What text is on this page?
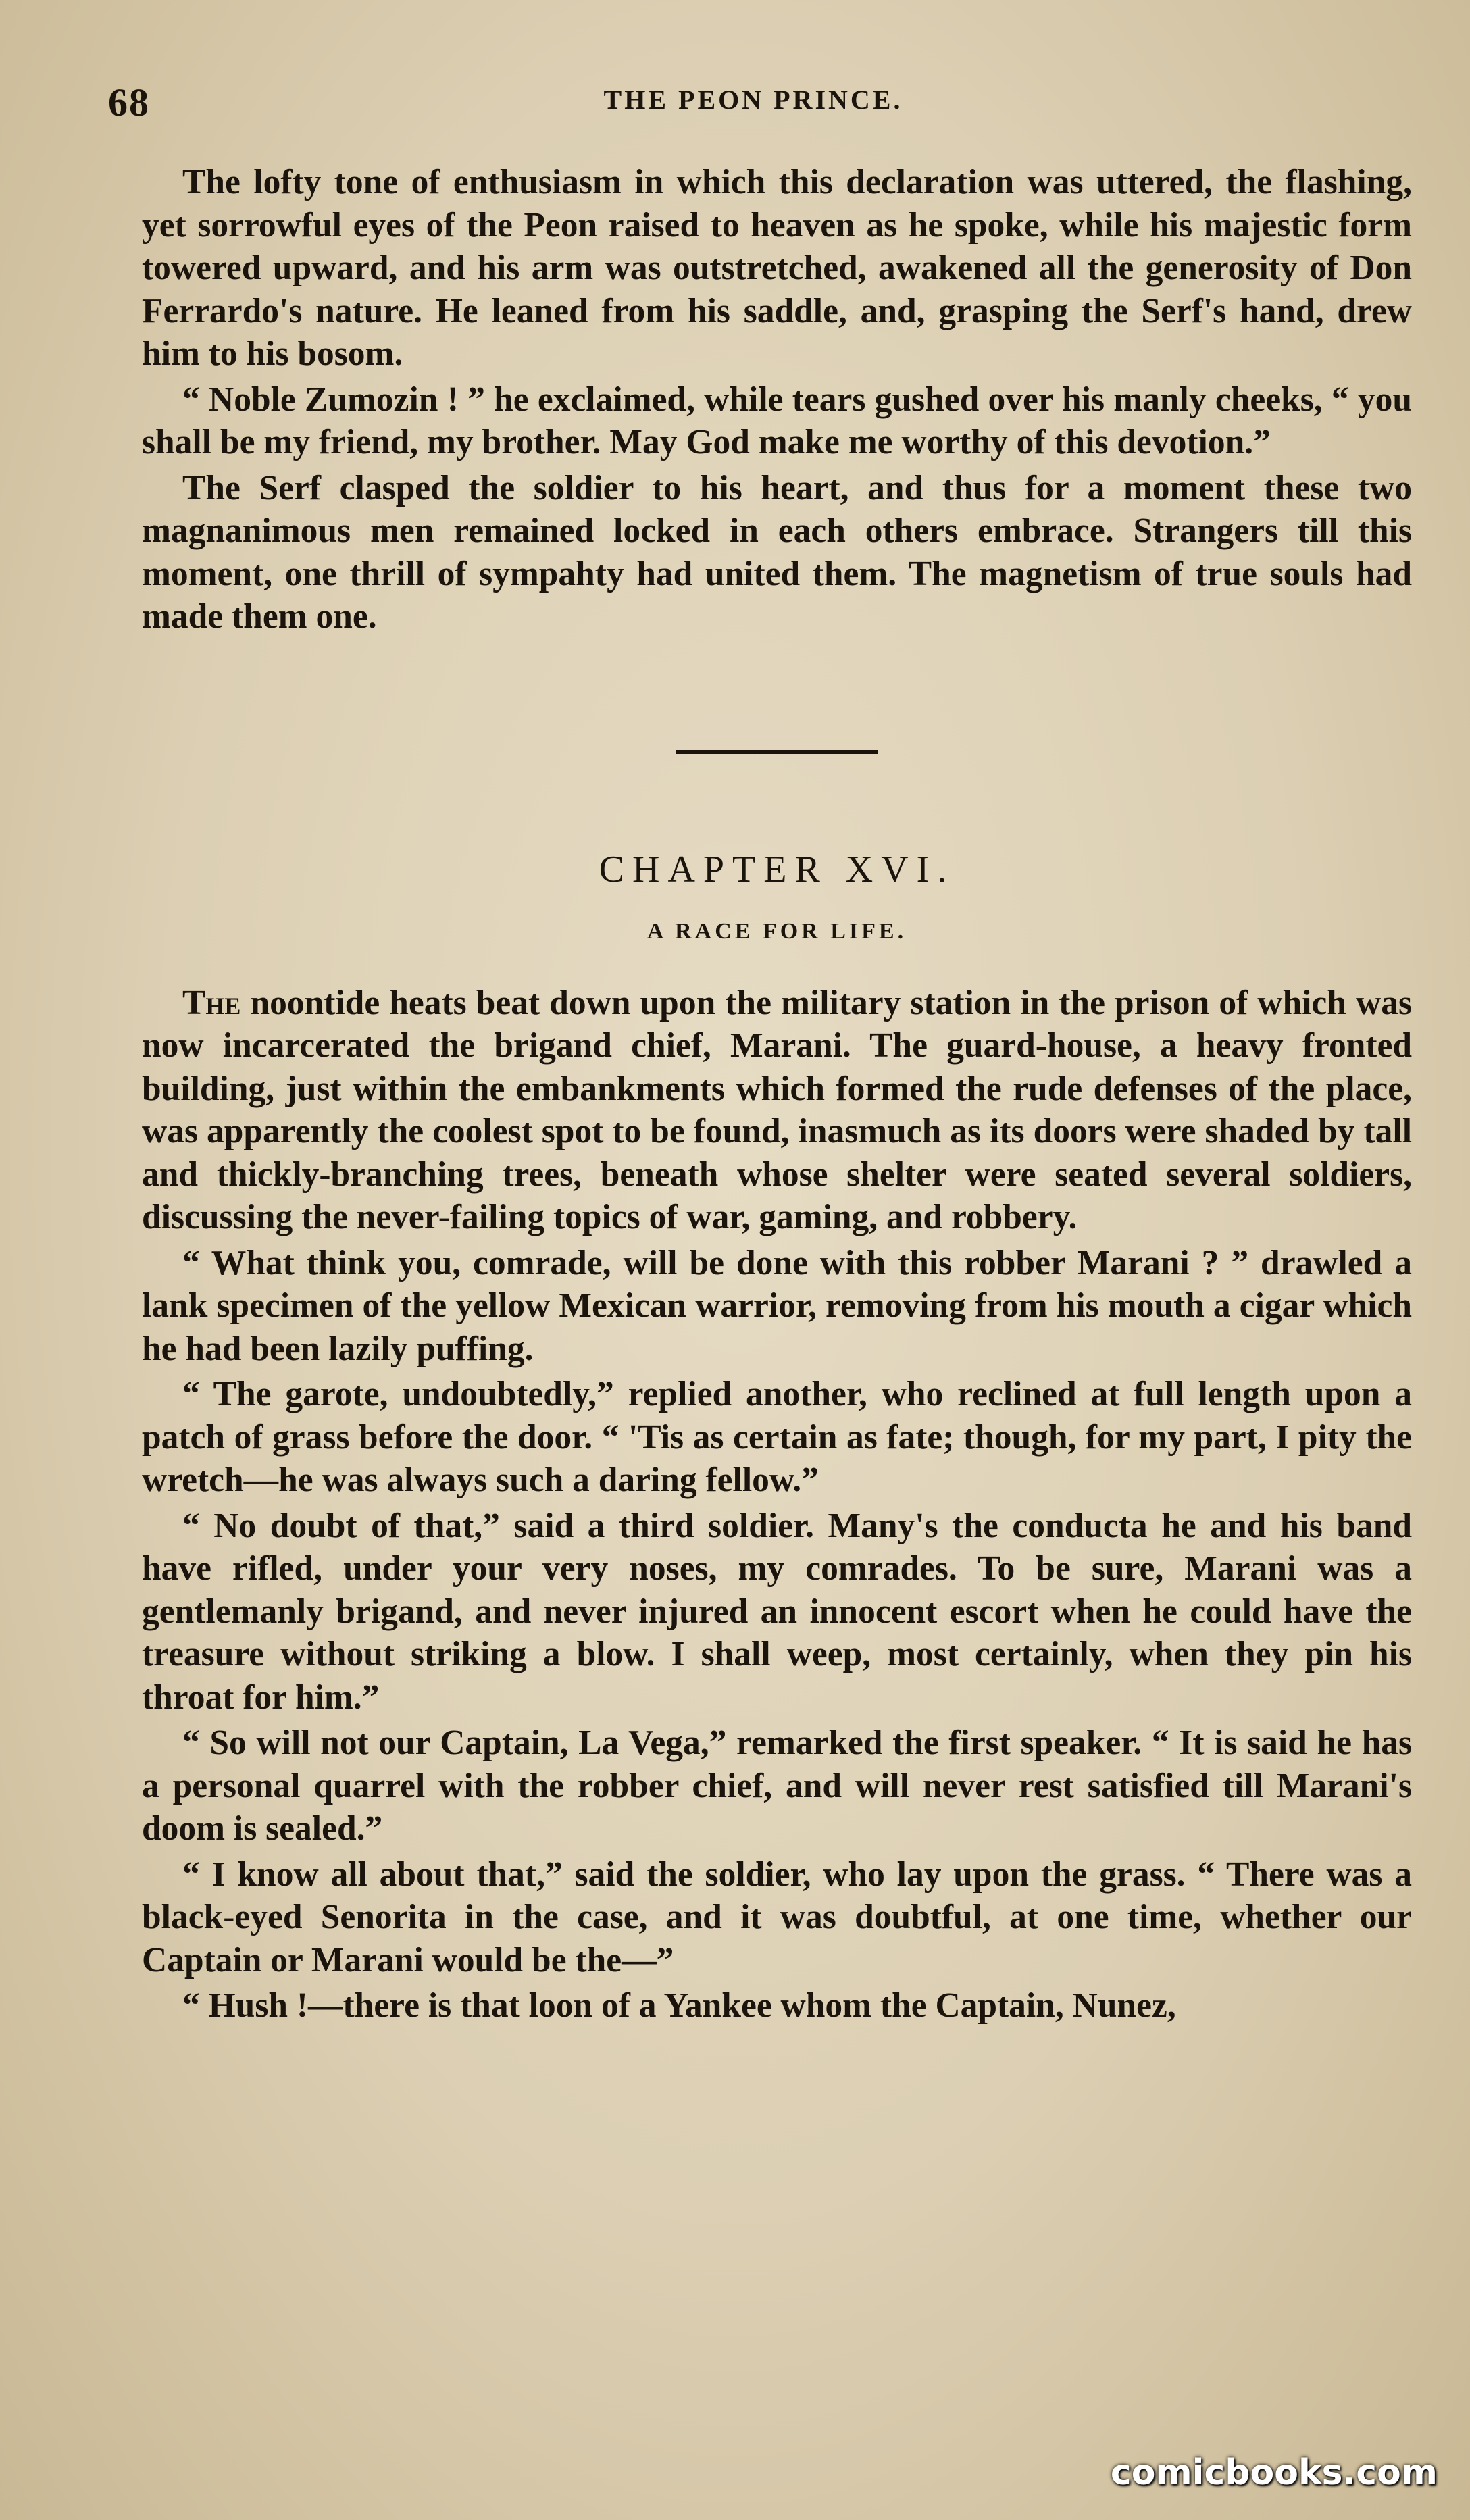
68	THE PEON PRINCE.

The lofty tone of enthusiasm in which this declaration was uttered, the flashing, yet sorrowful eyes of the Peon raised to heaven as he spoke, while his majestic form towered upward, and his arm was outstretched, awakened all the generosity of Don Ferrardo's nature. He leaned from his saddle, and, grasping the Serf's hand, drew him to his bosom.

“ Noble Zumozin ! ” he exclaimed, while tears gushed over his manly cheeks, “ you shall be my friend, my brother. May God make me worthy of this devotion.”

The Serf clasped the soldier to his heart, and thus for a moment these two magnanimous men remained locked in each others embrace. Strangers till this moment, one thrill of sympahty had united them. The magnetism of true souls had made them one.

CHAPTER XVI.
A RACE FOR LIFE.

The noontide heats beat down upon the military station in the prison of which was now incarcerated the brigand chief, Marani. The guard-house, a heavy fronted building, just within the embankments which formed the rude defenses of the place, was apparently the coolest spot to be found, inasmuch as its doors were shaded by tall and thickly-branching trees, beneath whose shelter were seated several soldiers, discussing the never-failing topics of war, gaming, and robbery.

“ What think you, comrade, will be done with this robber Marani ? ” drawled a lank specimen of the yellow Mexican warrior, removing from his mouth a cigar which he had been lazily puffing.

“ The garote, undoubtedly,” replied another, who reclined at full length upon a patch of grass before the door. “ 'Tis as certain as fate; though, for my part, I pity the wretch—he was always such a daring fellow.”

“ No doubt of that,” said a third soldier. Many's the conducta he and his band have rifled, under your very noses, my comrades. To be sure, Marani was a gentlemanly brigand, and never injured an innocent escort when he could have the treasure without striking a blow. I shall weep, most certainly, when they pin his throat for him.”

“ So will not our Captain, La Vega,” remarked the first speaker. “ It is said he has a personal quarrel with the robber chief, and will never rest satisfied till Marani's doom is sealed.”

“ I know all about that,” said the soldier, who lay upon the grass. “ There was a black-eyed Senorita in the case, and it was doubtful, at one time, whether our Captain or Marani would be the—”

“ Hush !—there is that loon of a Yankee whom the Captain, Nunez,

comicbooks.com
